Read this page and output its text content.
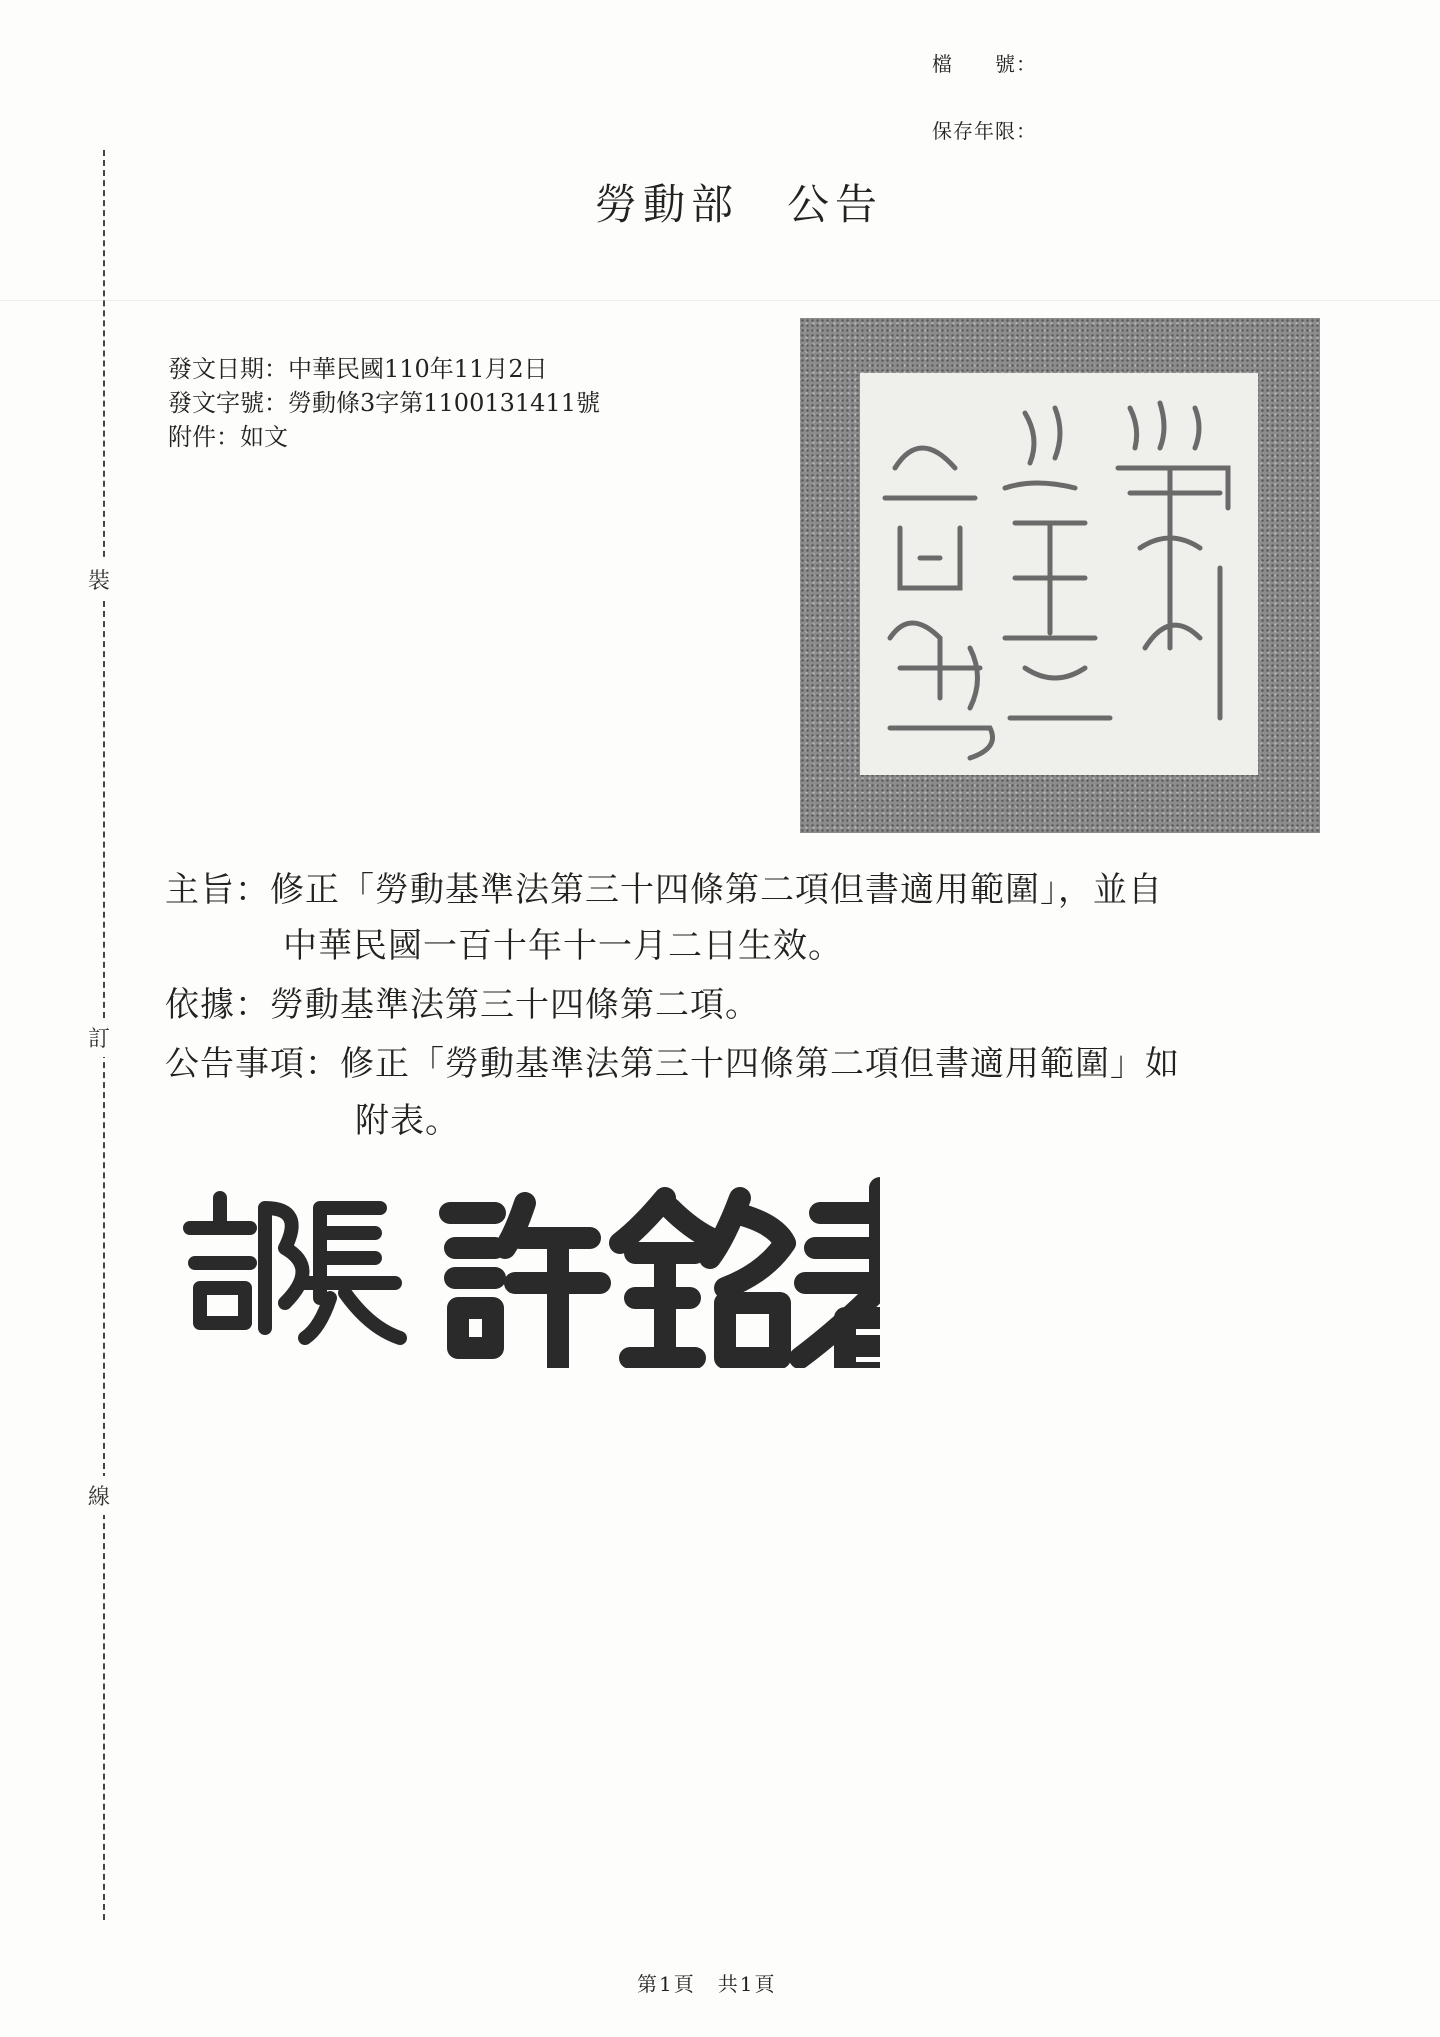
檔　　號：
保存年限：
勞動部　公告
裝
訂
線
發文日期：中華民國110年11月2日
發文字號：勞動條3字第1100131411號
附件：如文
主旨：修正「勞動基準法第三十四條第二項但書適用範圍」，並自
中華民國一百十年十一月二日生效。
依據：勞動基準法第三十四條第二項。
公告事項：修正「勞動基準法第三十四條第二項但書適用範圍」如
附表。
第1頁　共1頁
